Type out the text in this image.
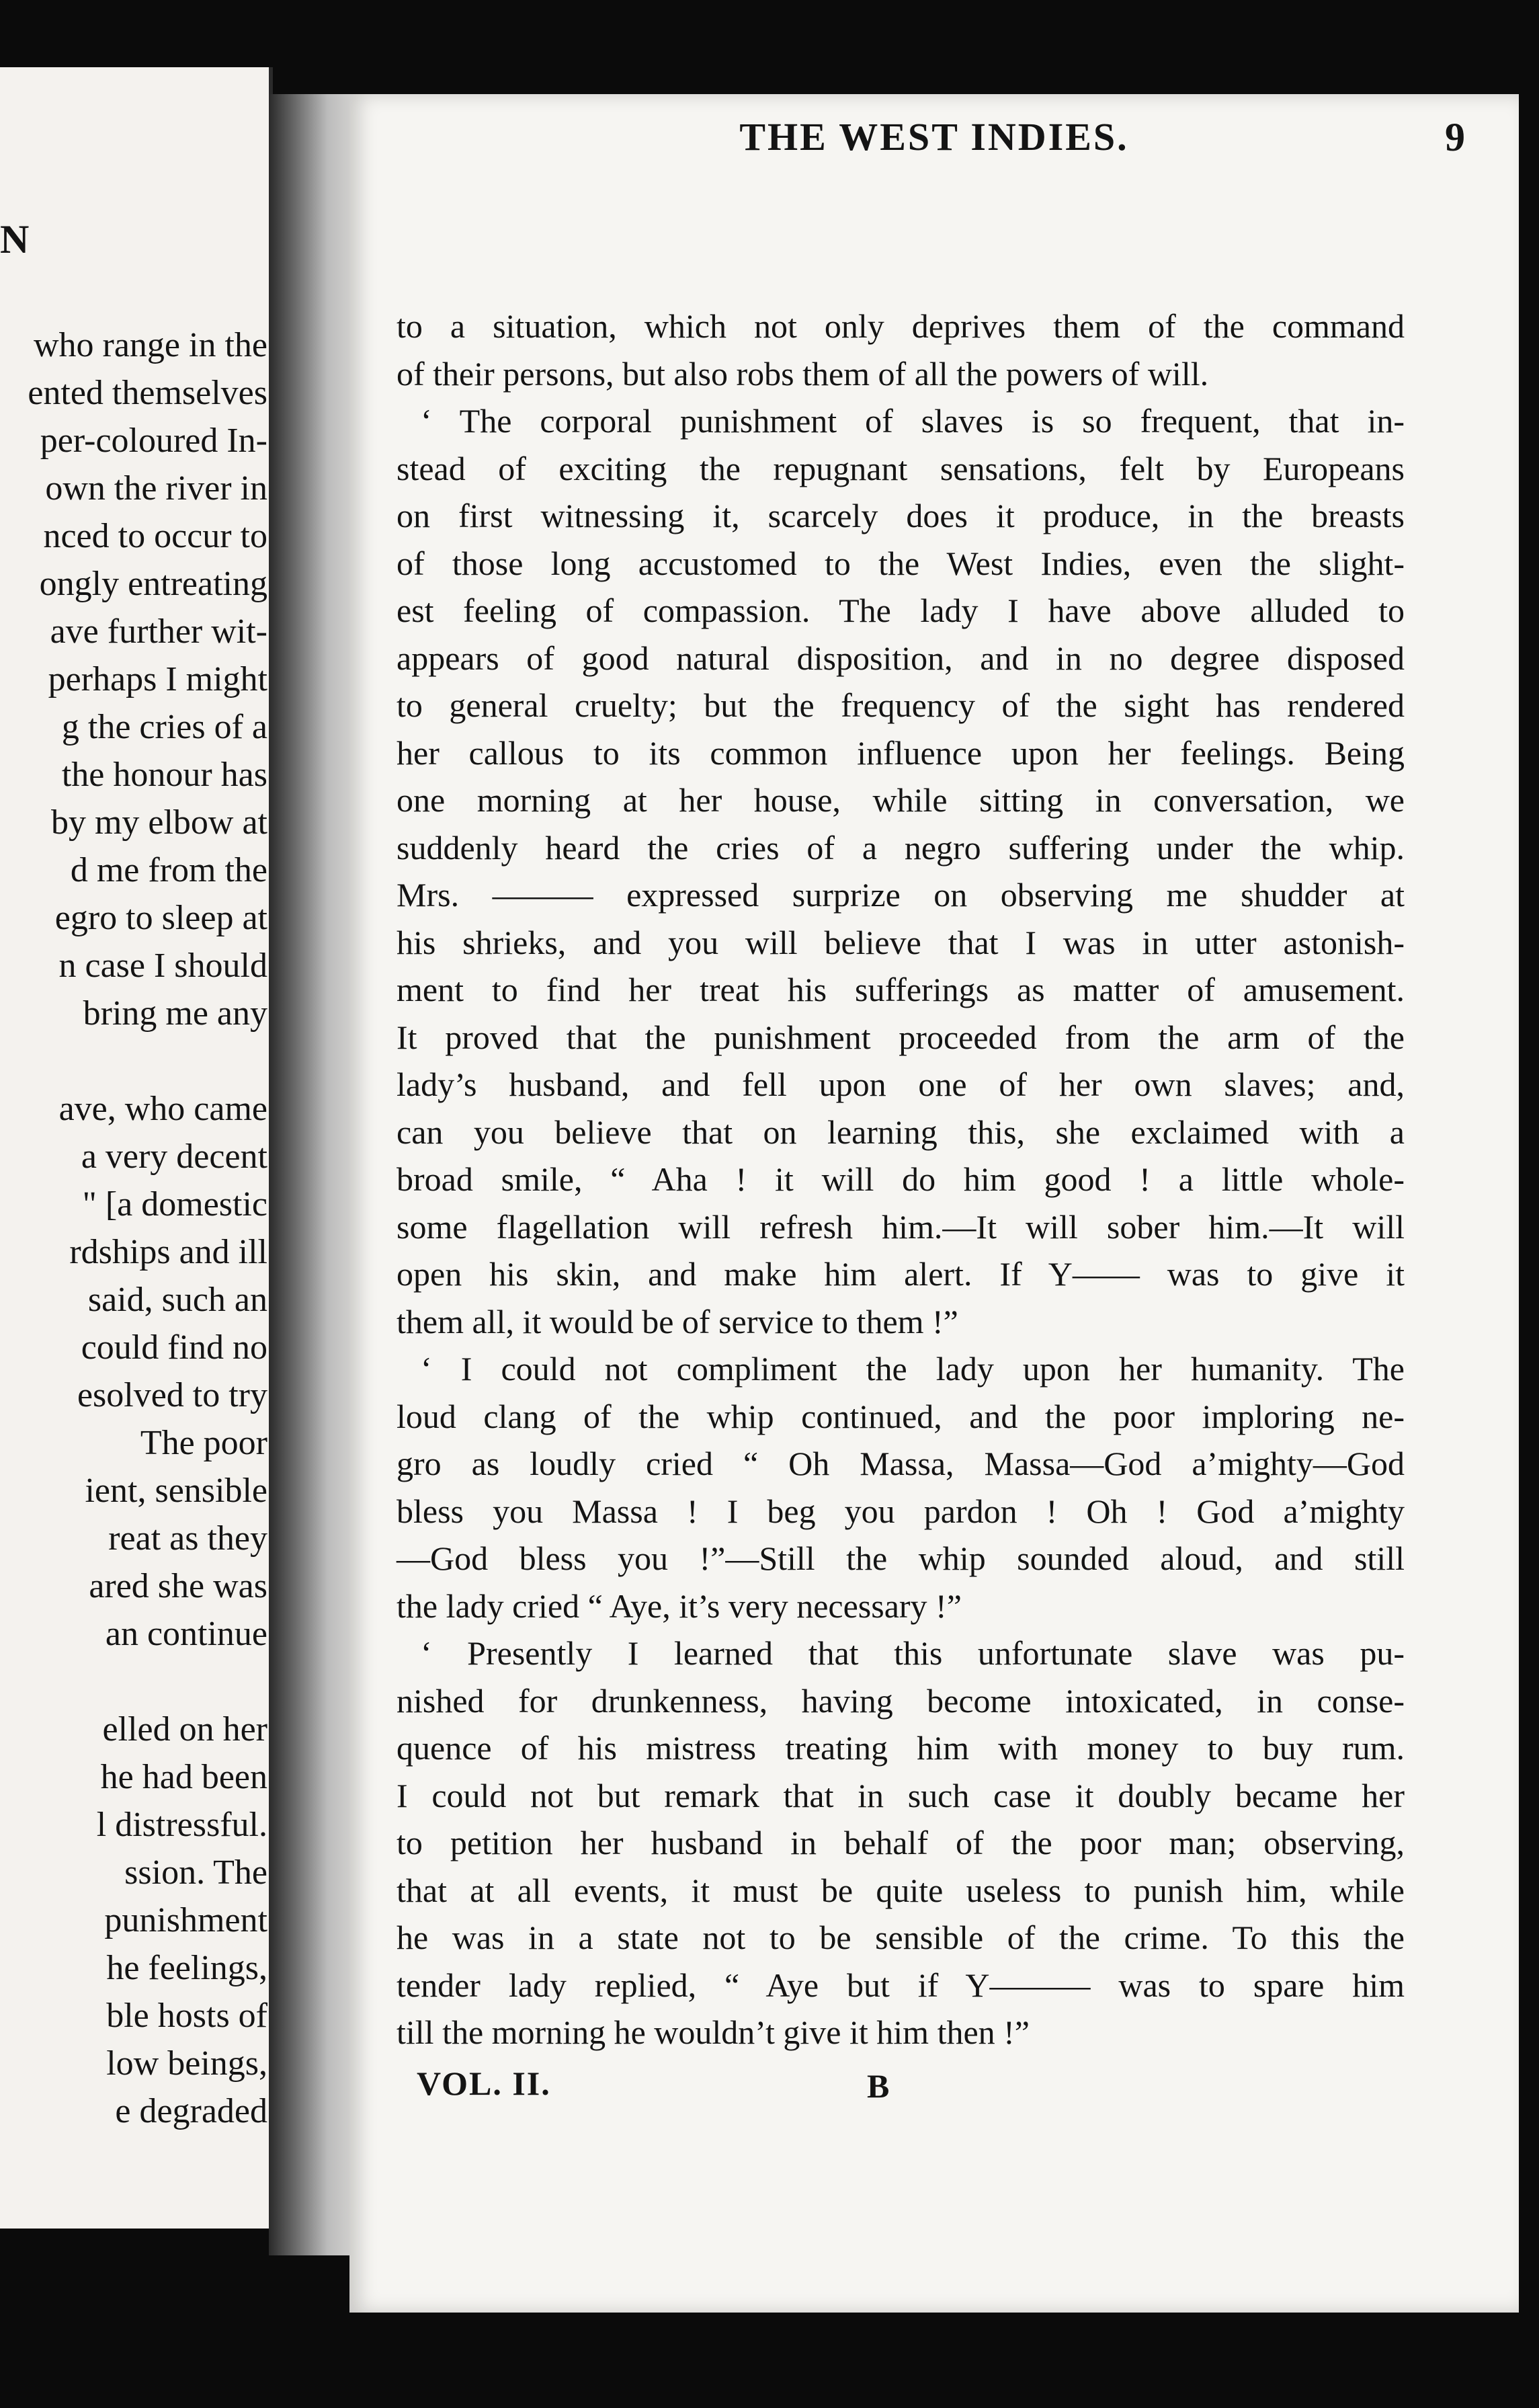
N
who range in the
ented themselves
per-coloured In-
own the river in
nced to occur to
ongly entreating
ave further wit-
perhaps I might
g the cries of a
the honour has
by my elbow at
d me from the
egro to sleep at
n case I should
bring me any
ave, who came
a very decent
" [a domestic
rdships and ill
said, such an
could find no
esolved to try
The poor
ient, sensible
reat as they
ared she was
an continue
elled on her
he had been
l distressful.
ssion. The
punishment
he feelings,
ble hosts of
low beings,
e degraded
THE WEST INDIES.	9
to a situation, which not only deprives them of the command
of their persons, but also robs them of all the powers of will.
‘ The corporal punishment of slaves is so frequent, that in-
stead of exciting the repugnant sensations, felt by Europeans
on first witnessing it, scarcely does it produce, in the breasts
of those long accustomed to the West Indies, even the slight-
est feeling of compassion. The lady I have above alluded to
appears of good natural disposition, and in no degree disposed
to general cruelty; but the frequency of the sight has rendered
her callous to its common influence upon her feelings. Being
one morning at her house, while sitting in conversation, we
suddenly heard the cries of a negro suffering under the whip.
Mrs. ——— expressed surprize on observing me shudder at
his shrieks, and you will believe that I was in utter astonish-
ment to find her treat his sufferings as matter of amusement.
It proved that the punishment proceeded from the arm of the
lady’s husband, and fell upon one of her own slaves; and,
can you believe that on learning this, she exclaimed with a
broad smile, “ Aha ! it will do him good ! a little whole-
some flagellation will refresh him.—It will sober him.—It will
open his skin, and make him alert. If Y—— was to give it
them all, it would be of service to them !”
‘ I could not compliment the lady upon her humanity. The
loud clang of the whip continued, and the poor imploring ne-
gro as loudly cried “ Oh Massa, Massa—God a’mighty—God
bless you Massa ! I beg you pardon ! Oh ! God a’mighty
—God bless you !”—Still the whip sounded aloud, and still
the lady cried “ Aye, it’s very necessary !”
‘ Presently I learned that this unfortunate slave was pu-
nished for drunkenness, having become intoxicated, in conse-
quence of his mistress treating him with money to buy rum.
I could not but remark that in such case it doubly became her
to petition her husband in behalf of the poor man; observing,
that at all events, it must be quite useless to punish him, while
he was in a state not to be sensible of the crime. To this the
tender lady replied, “ Aye but if Y——— was to spare him
till the morning he wouldn’t give it him then !”
VOL. II.	B
